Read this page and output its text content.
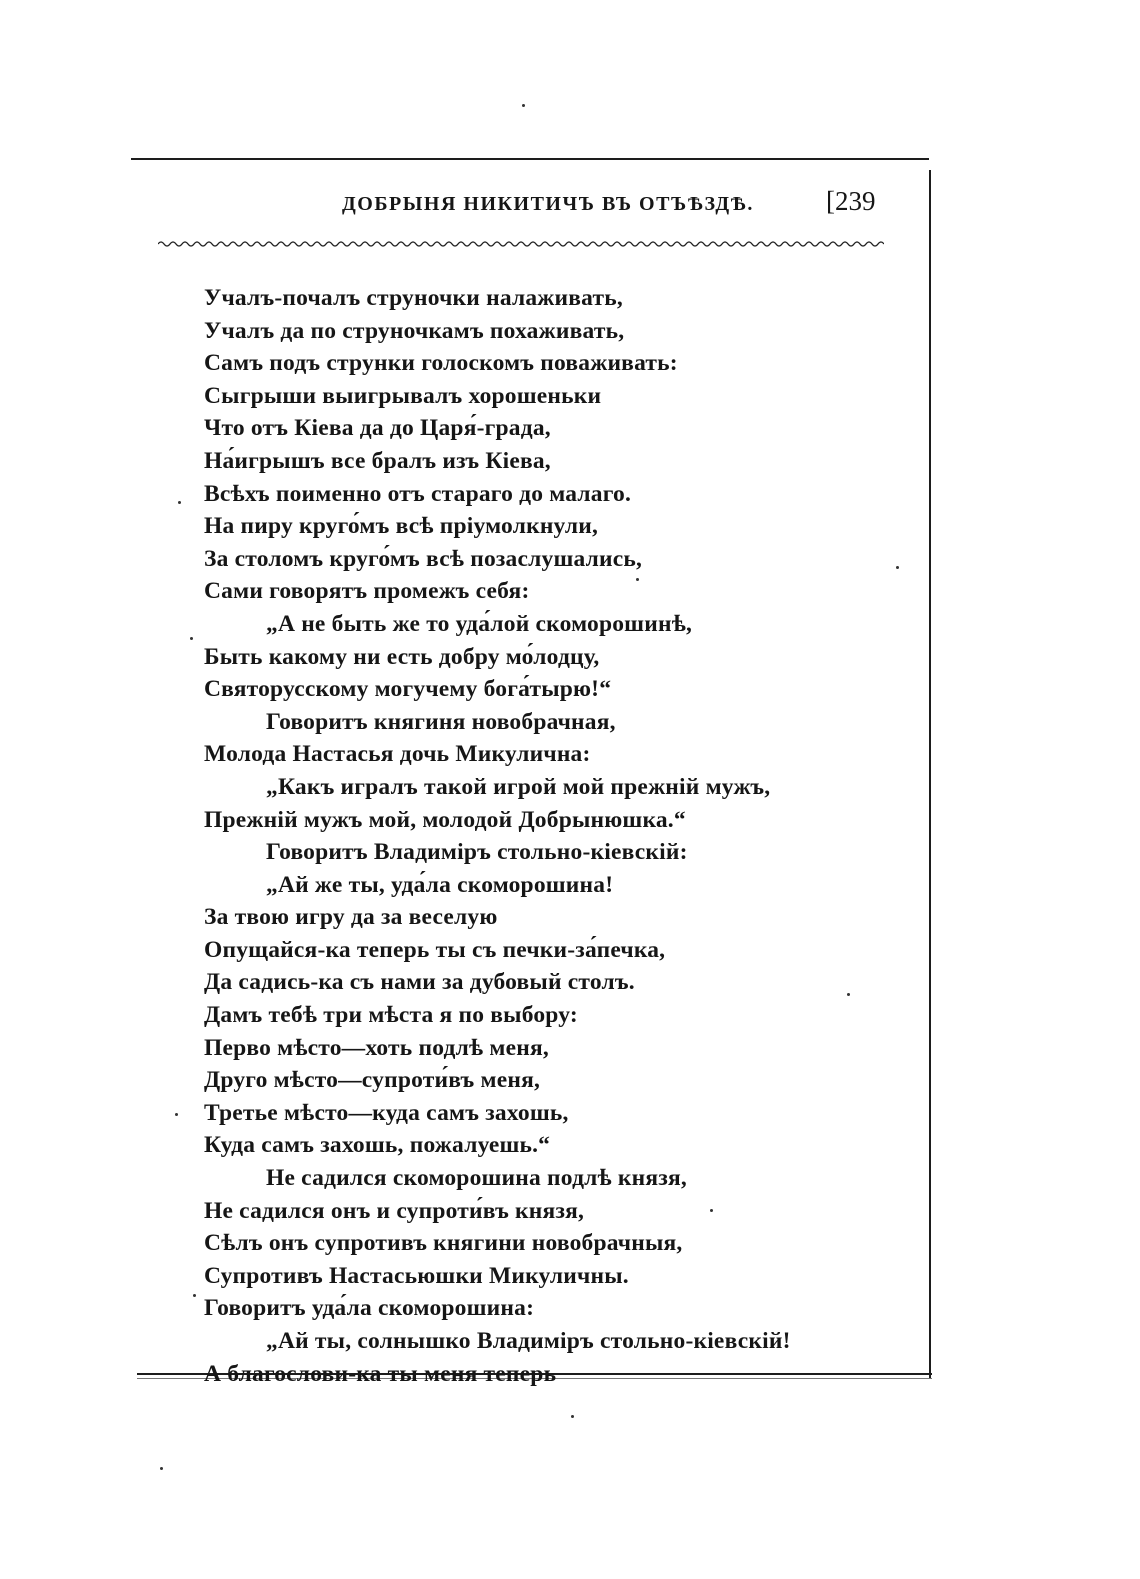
ДОБРЫНЯ НИКИТИЧЪ ВЪ ОТЪѢЗДѢ.	[239
Учалъ-почалъ струночки налаживать,
Учалъ да по струночкамъ похаживать,
Самъ подъ струнки голоскомъ поваживать:
Сыгрыши выигрывалъ хорошеньки
Что отъ Кіева да до Царя́-града,
На́игрышъ все бралъ изъ Кіева,
Всѣхъ поименно отъ стараго до малаго.
На пиру круго́мъ всѣ пріумолкнули,
За столомъ круго́мъ всѣ позаслушались,
Сами говорятъ промежъ себя:
„А не быть же то уда́лой скоморошинѣ,
Быть какому ни есть добру мо́лодцу,
Святорусскому могучему бога́тырю!“
Говоритъ княгиня новобрачная,
Молода Настасья дочь Микулична:
„Какъ игралъ такой игрой мой прежній мужъ,
Прежній мужъ мой, молодой Добрынюшка.“
Говоритъ Владиміръ стольно-кіевскій:
„Ай же ты, уда́ла скоморошина!
За твою игру да за веселую
Опущайся-ка теперь ты съ печки-за́печка,
Да садись-ка съ нами за дубовый столъ.
Дамъ тебѣ три мѣста я по выбору:
Перво мѣсто—хоть подлѣ меня,
Друго мѣсто—супроти́въ меня,
Третье мѣсто—куда самъ захошь,
Куда самъ захошь, пожалуешь.“
Не садился скоморошина подлѣ князя,
Не садился онъ и супроти́въ князя,
Сѣлъ онъ супротивъ княгини новобрачныя,
Супротивъ Настасьюшки Микуличны.
Говоритъ уда́ла скоморошина:
„Ай ты, солнышко Владиміръ стольно-кіевскій!
А благослови-ка ты меня теперь
